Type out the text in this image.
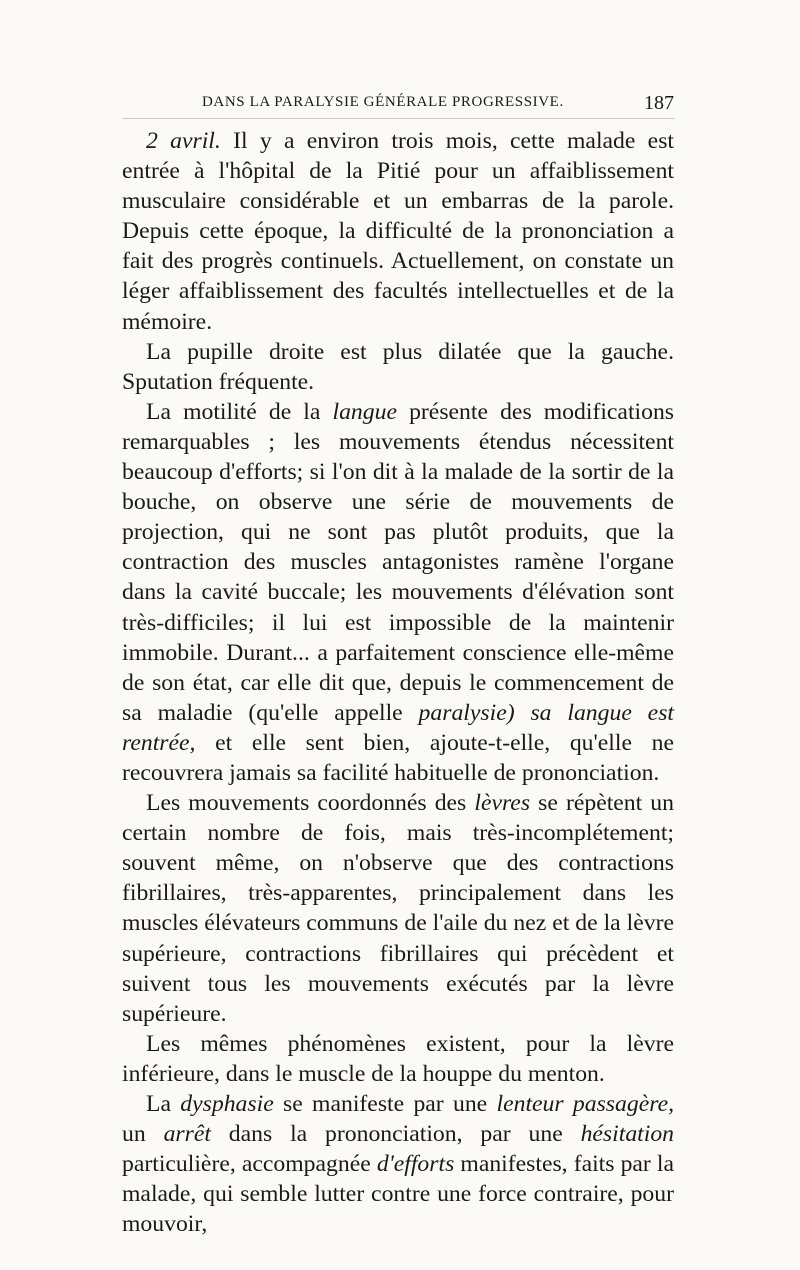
DANS LA PARALYSIE GÉNÉRALE PROGRESSIVE.	187

2 avril. Il y a environ trois mois, cette malade est entrée à l'hôpital de la Pitié pour un affaiblissement musculaire considérable et un embarras de la parole. Depuis cette époque, la difficulté de la prononciation a fait des progrès continuels. Actuellement, on constate un léger affaiblissement des facultés intellectuelles et de la mémoire.

La pupille droite est plus dilatée que la gauche. Sputation fréquente.

La motilité de la langue présente des modifications remarquables ; les mouvements étendus nécessitent beaucoup d'efforts; si l'on dit à la malade de la sortir de la bouche, on observe une série de mouvements de projection, qui ne sont pas plutôt produits, que la contraction des muscles antagonistes ramène l'organe dans la cavité buccale; les mouvements d'élévation sont très-difficiles; il lui est impossible de la maintenir immobile. Durant... a parfaitement conscience elle-même de son état, car elle dit que, depuis le commencement de sa maladie (qu'elle appelle paralysie) sa langue est rentrée, et elle sent bien, ajoute-t-elle, qu'elle ne recouvrera jamais sa facilité habituelle de prononciation.

Les mouvements coordonnés des lèvres se répètent un certain nombre de fois, mais très-incomplétement; souvent même, on n'observe que des contractions fibrillaires, très-apparentes, principalement dans les muscles élévateurs communs de l'aile du nez et de la lèvre supérieure, contractions fibrillaires qui précèdent et suivent tous les mouvements exécutés par la lèvre supérieure.

Les mêmes phénomènes existent, pour la lèvre inférieure, dans le muscle de la houppe du menton.

La dysphasie se manifeste par une lenteur passagère, un arrêt dans la prononciation, par une hésitation particulière, accompagnée d'efforts manifestes, faits par la malade, qui semble lutter contre une force contraire, pour mouvoir,
